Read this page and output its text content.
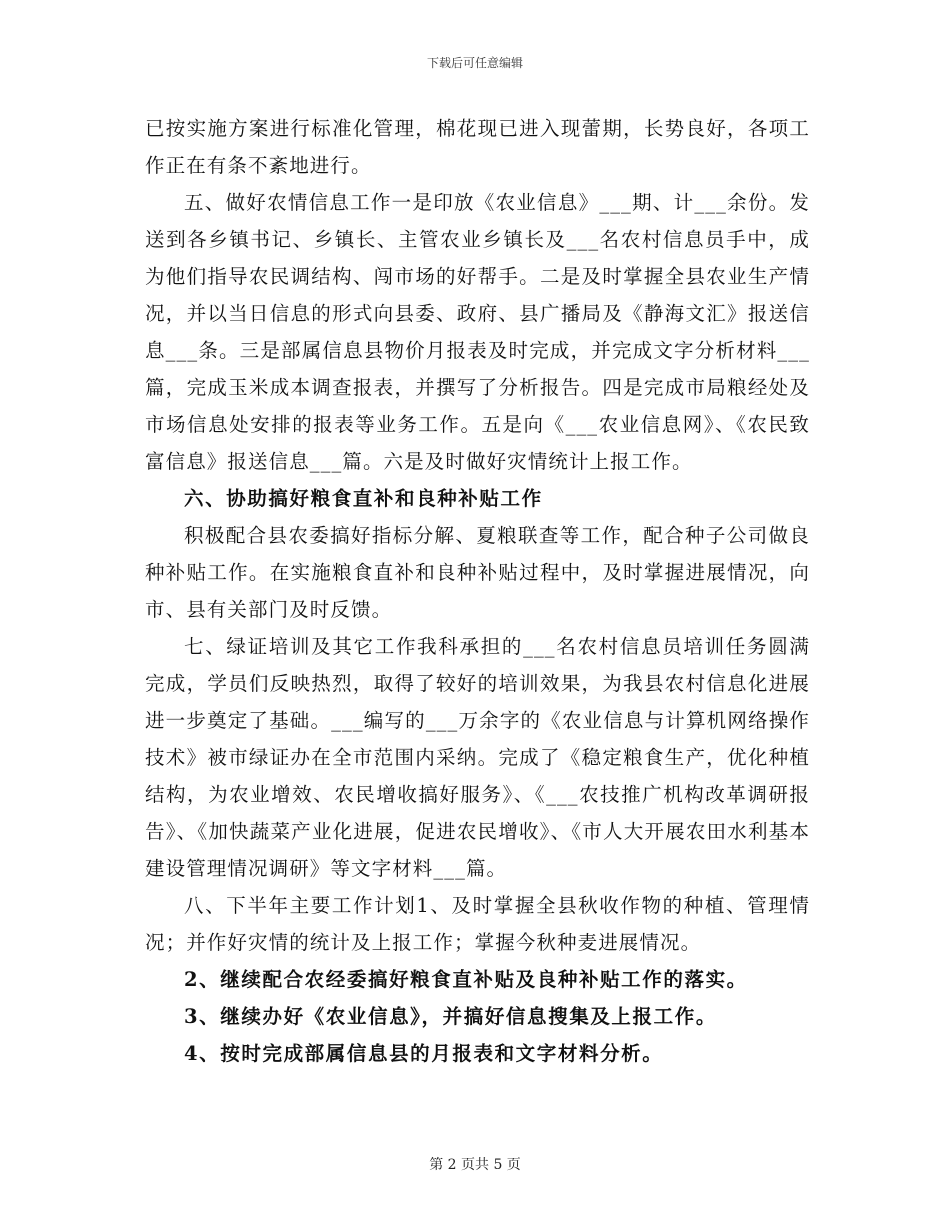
下载后可任意编辑

已按实施方案进行标准化管理，棉花现已进入现蕾期，长势良好，各项工作正在有条不紊地进行。

五、做好农情信息工作一是印放《农业信息》___期、计___余份。发送到各乡镇书记、乡镇长、主管农业乡镇长及___名农村信息员手中，成为他们指导农民调结构、闯市场的好帮手。二是及时掌握全县农业生产情况，并以当日信息的形式向县委、政府、县广播局及《静海文汇》报送信息___条。三是部属信息县物价月报表及时完成，并完成文字分析材料___篇，完成玉米成本调查报表，并撰写了分析报告。四是完成市局粮经处及市场信息处安排的报表等业务工作。五是向《___农业信息网》、《农民致富信息》报送信息___篇。六是及时做好灾情统计上报工作。

六、协助搞好粮食直补和良种补贴工作

积极配合县农委搞好指标分解、夏粮联查等工作，配合种子公司做良种补贴工作。在实施粮食直补和良种补贴过程中，及时掌握进展情况，向市、县有关部门及时反馈。

七、绿证培训及其它工作我科承担的___名农村信息员培训任务圆满完成，学员们反映热烈，取得了较好的培训效果，为我县农村信息化进展进一步奠定了基础。___编写的___万余字的《农业信息与计算机网络操作技术》被市绿证办在全市范围内采纳。完成了《稳定粮食生产，优化种植结构，为农业增效、农民增收搞好服务》、《___农技推广机构改革调研报告》、《加快蔬菜产业化进展，促进农民增收》、《市人大开展农田水利基本建设管理情况调研》等文字材料___篇。

八、下半年主要工作计划1、及时掌握全县秋收作物的种植、管理情况；并作好灾情的统计及上报工作；掌握今秋种麦进展情况。

2、继续配合农经委搞好粮食直补贴及良种补贴工作的落实。

3、继续办好《农业信息》，并搞好信息搜集及上报工作。

4、按时完成部属信息县的月报表和文字材料分析。

第 2 页共 5 页
